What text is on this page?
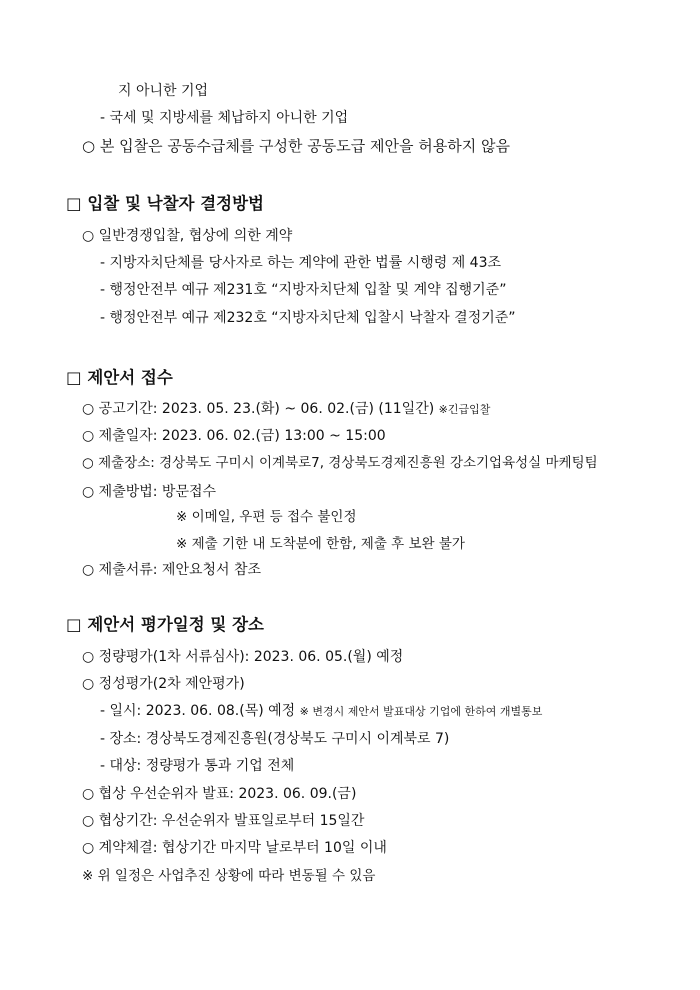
지 아니한 기업
- 국세 및 지방세를 체납하지 아니한 기업
○ 본 입찰은 공동수급체를 구성한 공동도급 제안을 허용하지 않음
□ 입찰 및 낙찰자 결정방법
○ 일반경쟁입찰, 협상에 의한 계약
- 지방자치단체를 당사자로 하는 계약에 관한 법률 시행령 제 43조
- 행정안전부 예규 제231호 “지방자치단체 입찰 및 계약 집행기준”
- 행정안전부 예규 제232호 “지방자치단체 입찰시 낙찰자 결정기준”
□ 제안서 접수
○ 공고기간: 2023. 05. 23.(화) ~ 06. 02.(금) (11일간) ※긴급입찰
○ 제출일자: 2023. 06. 02.(금) 13:00 ~ 15:00
○ 제출장소: 경상북도 구미시 이계북로7, 경상북도경제진흥원 강소기업육성실 마케팅팀
○ 제출방법: 방문접수
※ 이메일, 우편 등 접수 불인정
※ 제출 기한 내 도착분에 한함, 제출 후 보완 불가
○ 제출서류: 제안요청서 참조
□ 제안서 평가일정 및 장소
○ 정량평가(1차 서류심사): 2023. 06. 05.(월) 예정
○ 정성평가(2차 제안평가)
- 일시: 2023. 06. 08.(목) 예정 ※ 변경시 제안서 발표대상 기업에 한하여 개별통보
- 장소: 경상북도경제진흥원(경상북도 구미시 이계북로 7)
- 대상: 정량평가 통과 기업 전체
○ 협상 우선순위자 발표: 2023. 06. 09.(금)
○ 협상기간: 우선순위자 발표일로부터 15일간
○ 계약체결: 협상기간 마지막 날로부터 10일 이내
※ 위 일정은 사업추진 상황에 따라 변동될 수 있음
